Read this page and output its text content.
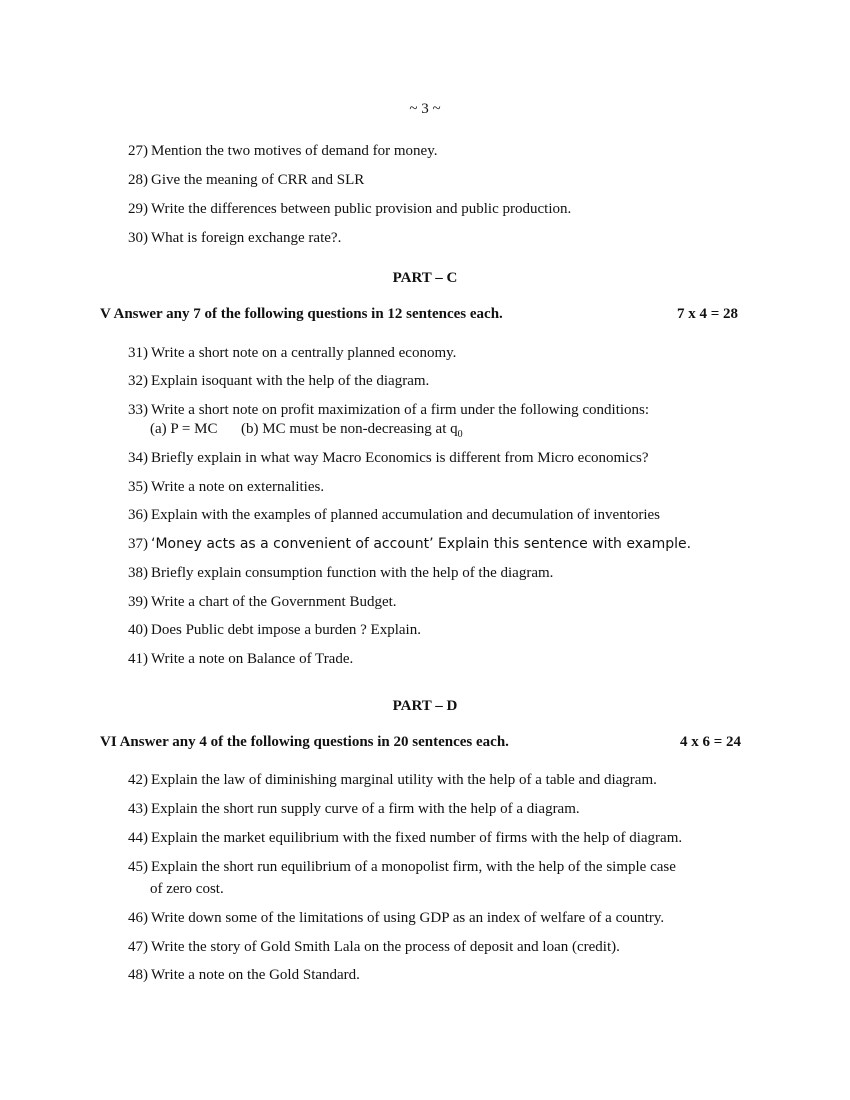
~ 3 ~
27) Mention the two motives of demand for money.
28) Give the meaning of CRR and SLR
29) Write the differences between public provision and public production.
30) What is foreign exchange rate?.
PART – C
V Answer any 7 of the following questions in 12 sentences each.	7 x 4 = 28
31) Write a short note on a centrally planned economy.
32) Explain isoquant with the help of the diagram.
33) Write a short note on profit maximization of a firm under the following conditions:
(a) P = MC (b) MC must be non-decreasing at $q_0$
34) Briefly explain in what way Macro Economics is different from Micro economics?
35) Write a note on externalities.
36) Explain with the examples of planned accumulation and decumulation of inventories
37) ‘Money acts as a convenient of account’ Explain this sentence with example.
38) Briefly explain consumption function with the help of the diagram.
39) Write a chart of the Government Budget.
40) Does Public debt impose a burden ? Explain.
41) Write a note on Balance of Trade.
PART – D
VI Answer any 4 of the following questions in 20 sentences each.	4 x 6 = 24
42) Explain the law of diminishing marginal utility with the help of a table and diagram.
43) Explain the short run supply curve of a firm with the help of a diagram.
44) Explain the market equilibrium with the fixed number of firms with the help of diagram.
45) Explain the short run equilibrium of a monopolist firm, with the help of the simple case
of zero cost.
46) Write down some of the limitations of using GDP as an index of welfare of a country.
47) Write the story of Gold Smith Lala on the process of deposit and loan (credit).
48) Write a note on the Gold Standard.
